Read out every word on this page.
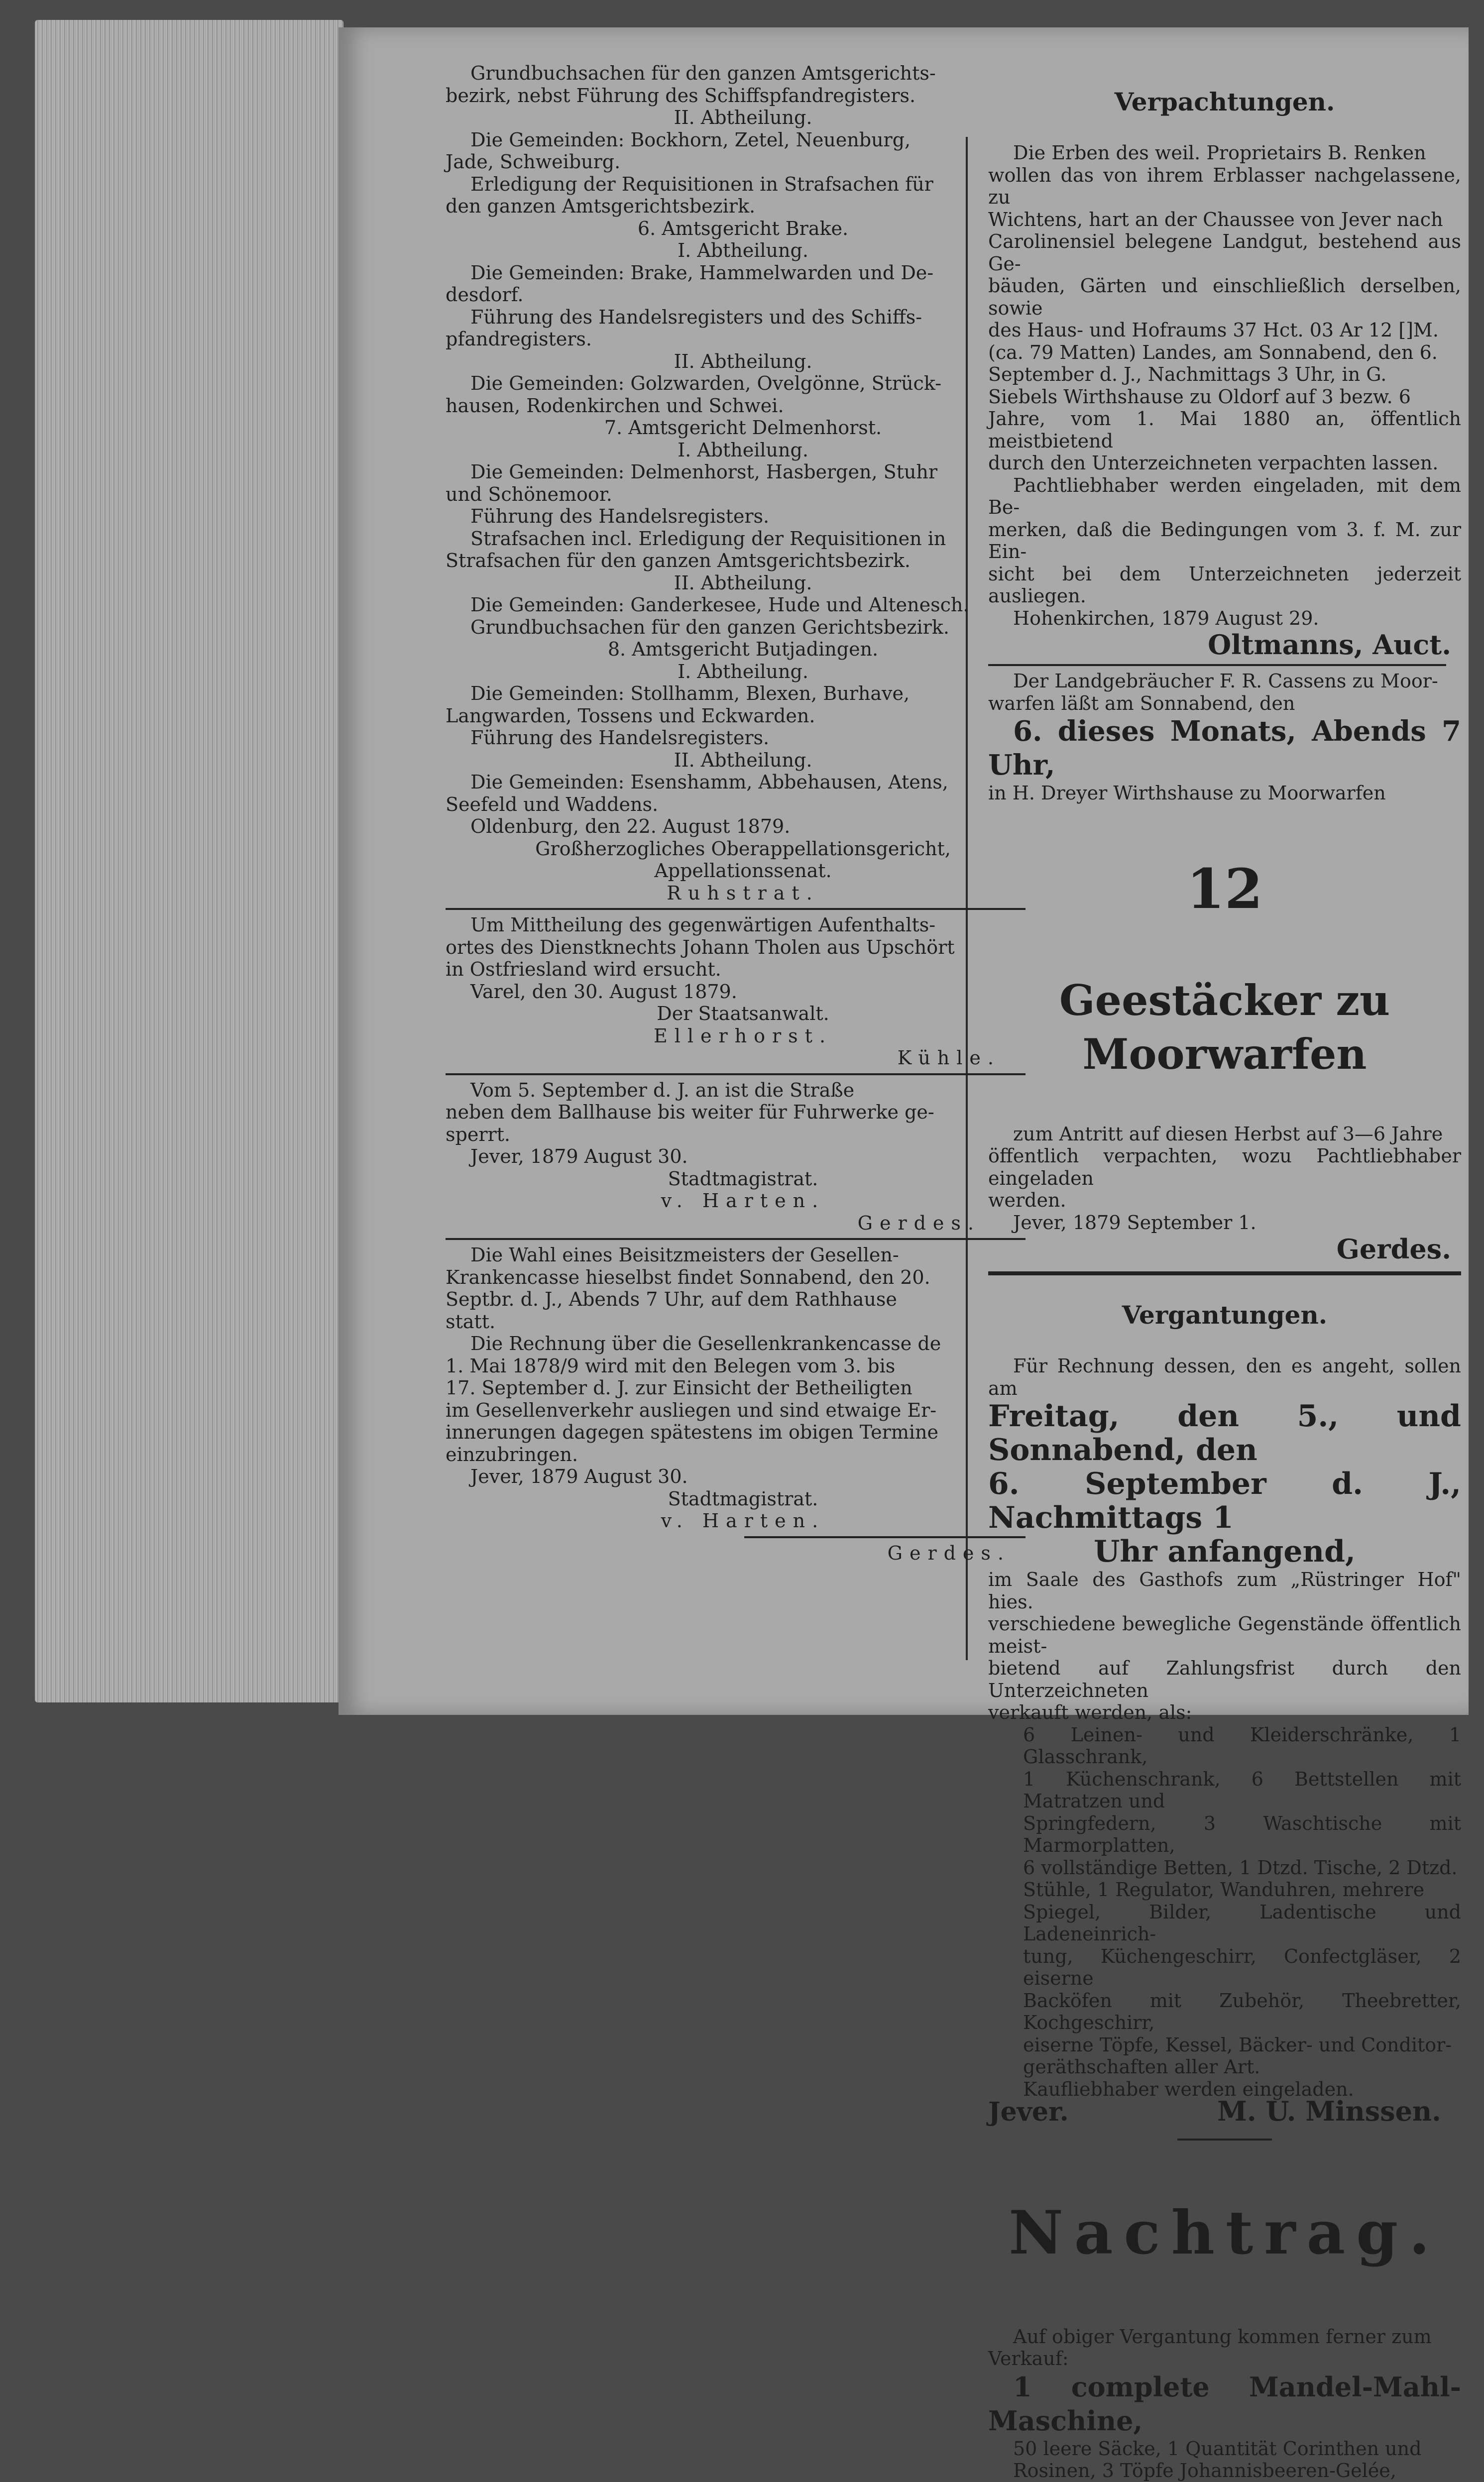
Grundbuchsachen für den ganzen Amtsgerichts-

bezirk, nebst Führung des Schiffspfandregisters.

II. Abtheilung.

Die Gemeinden: Bockhorn, Zetel, Neuenburg,

Jade, Schweiburg.

Erledigung der Requisitionen in Strafsachen für

den ganzen Amtsgerichtsbezirk.

6. Amtsgericht Brake.

I. Abtheilung.

Die Gemeinden: Brake, Hammelwarden und De-

desdorf.

Führung des Handelsregisters und des Schiffs-

pfandregisters.

II. Abtheilung.

Die Gemeinden: Golzwarden, Ovelgönne, Strück-

hausen, Rodenkirchen und Schwei.

7. Amtsgericht Delmenhorst.

I. Abtheilung.

Die Gemeinden: Delmenhorst, Hasbergen, Stuhr

und Schönemoor.

Führung des Handelsregisters.

Strafsachen incl. Erledigung der Requisitionen in

Strafsachen für den ganzen Amtsgerichtsbezirk.

II. Abtheilung.

Die Gemeinden: Ganderkesee, Hude und Altenesch.

Grundbuchsachen für den ganzen Gerichtsbezirk.

8. Amtsgericht Butjadingen.

I. Abtheilung.

Die Gemeinden: Stollhamm, Blexen, Burhave,

Langwarden, Tossens und Eckwarden.

Führung des Handelsregisters.

II. Abtheilung.

Die Gemeinden: Esenshamm, Abbehausen, Atens,

Seefeld und Waddens.

Oldenburg, den 22. August 1879.

Großherzogliches Oberappellationsgericht,

Appellationssenat.

Ruhstrat.

Um Mittheilung des gegenwärtigen Aufenthalts-

ortes des Dienstknechts Johann Tholen aus Upschört

in Ostfriesland wird ersucht.

Varel, den 30. August 1879.

Der Staatsanwalt.

Ellerhorst.

Kühle.

Vom 5. September d. J. an ist die Straße

neben dem Ballhause bis weiter für Fuhrwerke ge-

sperrt.

Jever, 1879 August 30.

Stadtmagistrat.

v. Harten.

Gerdes.

Die Wahl eines Beisitzmeisters der Gesellen-

Krankencasse hieselbst findet Sonnabend, den 20.

Septbr. d. J., Abends 7 Uhr, auf dem Rathhause

statt.

Die Rechnung über die Gesellenkrankencasse de

1. Mai 1878/9 wird mit den Belegen vom 3. bis

17. September d. J. zur Einsicht der Betheiligten

im Gesellenverkehr ausliegen und sind etwaige Er-

innerungen dagegen spätestens im obigen Termine

einzubringen.

Jever, 1879 August 30.

Stadtmagistrat.

v. Harten.

Gerdes.

Verpachtungen.

Die Erben des weil. Proprietairs B. Renken

wollen das von ihrem Erblasser nachgelassene, zu

Wichtens, hart an der Chaussee von Jever nach

Carolinensiel belegene Landgut, bestehend aus Ge-

bäuden, Gärten und einschließlich derselben, sowie

des Haus- und Hofraums 37 Hct. 03 Ar 12 []M.

(ca. 79 Matten) Landes, am Sonnabend, den 6.

September d. J., Nachmittags 3 Uhr, in G.

Siebels Wirthshause zu Oldorf auf 3 bezw. 6

Jahre, vom 1. Mai 1880 an, öffentlich meistbietend

durch den Unterzeichneten verpachten lassen.

Pachtliebhaber werden eingeladen, mit dem Be-

merken, daß die Bedingungen vom 3. f. M. zur Ein-

sicht bei dem Unterzeichneten jederzeit ausliegen.

Hohenkirchen, 1879 August 29.

Oltmanns, Auct.

Der Landgebräucher F. R. Cassens zu Moor-

warfen läßt am Sonnabend, den

6. dieses Monats, Abends 7 Uhr,

in H. Dreyer Wirthshause zu Moorwarfen

12

Geestäcker zu Moorwarfen

zum Antritt auf diesen Herbst auf 3—6 Jahre

öffentlich verpachten, wozu Pachtliebhaber eingeladen

werden.

Jever, 1879 September 1.

Gerdes.

Vergantungen.

Für Rechnung dessen, den es angeht, sollen am

Freitag, den 5., und Sonnabend, den

6. September d. J., Nachmittags 1

Uhr anfangend,

im Saale des Gasthofs zum „Rüstringer Hof" hies.

verschiedene bewegliche Gegenstände öffentlich meist-

bietend auf Zahlungsfrist durch den Unterzeichneten

verkauft werden, als:

6 Leinen- und Kleiderschränke, 1 Glasschrank,

1 Küchenschrank, 6 Bettstellen mit Matratzen und

Springfedern, 3 Waschtische mit Marmorplatten,

6 vollständige Betten, 1 Dtzd. Tische, 2 Dtzd.

Stühle, 1 Regulator, Wanduhren, mehrere

Spiegel, Bilder, Ladentische und Ladeneinrich-

tung, Küchengeschirr, Confectgläser, 2 eiserne

Backöfen mit Zubehör, Theebretter, Kochgeschirr,

eiserne Töpfe, Kessel, Bäcker- und Conditor-

geräthschaften aller Art.

Kaufliebhaber werden eingeladen.

Jever.	M. U. Minssen.

Nachtrag.

Auf obiger Vergantung kommen ferner zum

Verkauf:

1 complete Mandel-Mahl-Maschine,

50 leere Säcke, 1 Quantität Corinthen und

Rosinen, 3 Töpfe Johannisbeeren-Gelée,
